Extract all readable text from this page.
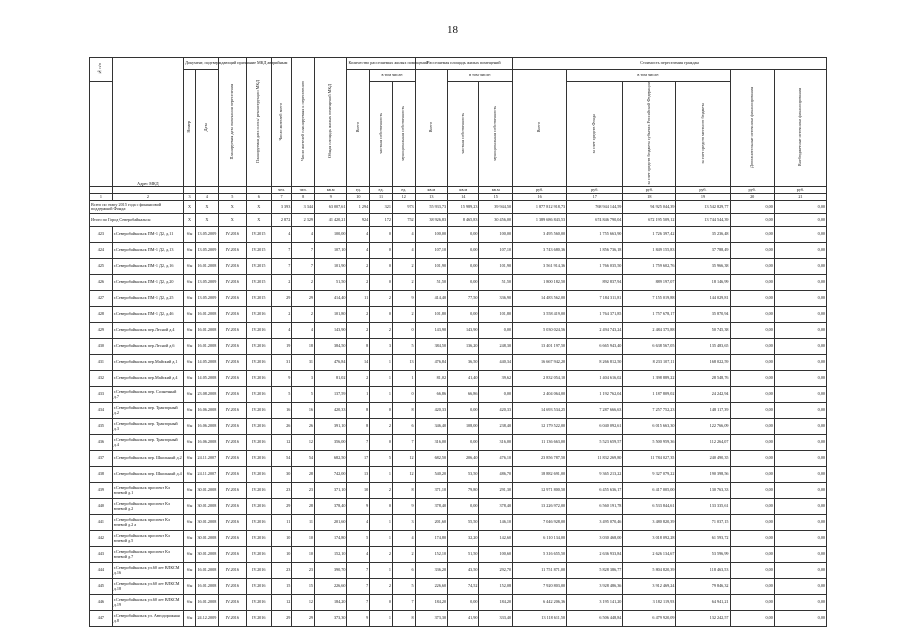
18
№ п/п	Адрес МКД	Документ, подтверждающий признание МКД аварийным		Планируемая дата окончания переселения	Планируемая дата сноса/ реконструкции МКД	Число жителей всего	Число жителей планируемых к переселению	Общая площадь жилых помещений МКД	Количество расселяемых жилых помещений			Расселяемая площадь жилых помещений			Стоимость переселения граждан					
		Номер	Дата						Всего	в том числе:		Всего	в том числе:		Всего	в том числе:			Дополнительные источники финансирования	Внебюджетные источники финансирования
										частная собственность	муниципальная собственность		частная собственность	муниципальная собственность		за счет средств Фонда	за счет средств бюджета субъекта Российской Федерации	за счет средств местного бюджета		
						чел.	чел.	кв.м	ед.	ед.	ед.	кв.м	кв.м	кв.м	руб.	руб.	руб.	руб.	руб.	руб.
1	2	3	4	5	6	7	8	9	10	11	12	13	14	15	16	17	18	19	20	21
Всего по этапу 2015 года с финансовой поддержкой Фонда:		X	X	X	X	3 393	3 344	63 007,61	1 294	321	973	55 933,73	15 989,23	39 944,50	1 877 812 918,73	768 944 144,59	94 925 044,39	13 542 829,77	0,00	0,00
Итого по Город Северобайкальск:		X	X	X	X	2 872	2 329	41 420,21	924	172	752	38 926,83	8 465,83	30 456,00	1 389 686 843,53	674 846 790,04	672 195 509,12	13 744 544,39	0,00	0,00
423	г.Северобайкальск ПМ-1 Д2, д.11	б/н	13.05.2009	IV.2016	IV.2015	4	4	100,00	4	0	4	100,00	0,00	100,00	3 495 560,00	1 755 663,90	1 726 397,42	35 236,48	0,00	0,00
424	г.Северобайкальск ПМ-1 Д2, д.13	б/н	13.05.2009	IV.2016	IV.2015	7	7	107,10	4	0	4	107,10	0,00	107,10	3 743 680,36	1 856 736,18	1 849 155,83	37 788,49	0,00	0,00
425	г.Северобайкальск ПМ-1 Д2, д.16	б/н	16.01.2008	IV.2016	IV.2015	7	7	101,90	2	0	2	101,90	0,00	101,90	3 561 914,36	1 766 035,50	1 759 602,76	35 966,38	0,00	0,00
426	г.Северобайкальск ПМ-1 Д2, д.20	б/н	13.05.2009	IV.2016	IV.2015	2	2	51,50	2	0	2	51,50	0,00	51,50	1 800 182,50	892 837,94	889 197,07	18 146,99	0,00	0,00
427	г.Северобайкальск ПМ-1 Д2, д.25	б/н	13.05.2009	IV.2016	IV.2015	29	29	414,40	11	2	9	414,40	77,50	336,90	14 483 562,00	7 184 311,81	7 155 019,88	144 029,81	0,00	0,00
428	г.Северобайкальск ПМ-1 Д2, д.46	б/н	16.01.2008	IV.2016	IV.2016	2	2	101,80	2	0	2	101,80	0,00	101,80	3 558 419,00	1 764 371,85	1 757 678,17	35 870,94	0,00	0,00
429	г.Северобайкальск пер.Лесной д.4	б/н	16.01.2008	IV.2016	IV.2016	4	4	143,90	2	2	0	143,90	143,90	0,00	5 030 024,56	2 494 743,24	2 484 375,88	50 745,38	0,00	0,00
430	г.Северобайкальск пер.Лесной д.6	б/н	16.01.2008	IV.2016	IV.2016	19	18	384,50	8	3	5	384,50	136,20	248,30	13 401 197,50	6 665 943,40	6 638 567,05	135 483,65	0,00	0,00
431	г.Северобайкальск пер.Майский д.1	б/н	14.05.2008	IV.2016	IV.2016	31	31	476,84	14	1	13	476,84	36,50	440,34	16 667 942,20	8 266 812,50	8 233 107,11	168 022,59	0,00	0,00
432	г.Северобайкальск пер.Майский д.4	б/н	14.05.2008	IV.2016	IV.2016	9	3	81,02	2	1	1	81,02	41,40	39,62	2 832 054,10	1 404 616,02	1 398 889,22	28 548,76	0,00	0,00
433	г.Северобайкальск пер. Солнечный д.7	б/н	23.08.2008	IV.2016	IV.2016	5	5	137,59	1	1	0	66,86	66,86	0,00	2 404 064,00	1 192 762,04	1 187 809,02	24 242,94	0,00	0,00
434	г.Северобайкальск пер. Тракторный д.2	б/н	16.06.2008	IV.2016	IV.2016	16	16	420,33	8	0	8	420,33	0,00	420,33	14 693 534,25	7 287 666,63	7 257 752,23	148 117,39	0,00	0,00
435	г.Северобайкальск пер. Тракторный д.3	б/н	16.06.2008	IV.2016	IV.2016	26	26	391,10	8	2	6	346,40	108,00	238,40	12 179 522,00	6 040 092,61	6 015 663,30	122 766,09	0,00	0,00
436	г.Северобайкальск пер. Тракторный д.4	б/н	16.06.2008	IV.2016	IV.2016	12	12	356,00	7	0	7	316,00	0,00	316,00	11 136 663,00	5 523 659,57	5 500 959,36	112 264,07	0,00	0,00
437	г.Северобайкальск пер. Школьный д.2	б/н	24.11.2007	IV.2016	IV.2016	54	54	682,50	17	5	12	682,50	206,40	476,10	23 856 787,50	11 832 269,80	11 784 027,35	240 490,35	0,00	0,00
438	г.Северобайкальск пер. Школьный д.4	б/н	24.11.2007	IV.2016	IV.2016	30	28	742,00	13	1	12	540,20	53,50	486,70	18 882 691,00	9 365 213,22	9 327 079,22	190 398,56	0,00	0,00
439	г.Северобайкальск проспект Кл ючевой д.1	б/н	30.01.2008	IV.2016	IV.2016	23	23	371,10	10	2	8	371,10	79,80	291,30	12 971 800,50	6 455 636,17	6 417 005,00	130 763,33	0,00	0,00
440	г.Северобайкальск проспект Кл ючевой д.2	б/н	30.01.2008	IV.2016	IV.2016	29	28	378,40	9	0	9	378,40	0,00	378,40	13 226 972,00	6 560 191,78	6 533 844,61	133 335,61	0,00	0,00
441	г.Северобайкальск проспект Кл ючевой д.2 а	б/н	30.01.2008	IV.2016	IV.2016	11	11	201,60	4	1	3	201,60	55,50	146,10	7 046 928,00	3 495 070,46	3 480 820,39	71 037,15	0,00	0,00
442	г.Северобайкальск проспект Кл ючевой д.5	б/н	30.01.2008	IV.2016	IV.2016	10	10	174,80	5	1	4	174,80	32,20	142,60	6 110 134,00	3 030 468,00	3 018 092,28	61 593,72	0,00	0,00
443	г.Северобайкальск проспект Кл ючевой д.7	б/н	30.01.2008	IV.2016	IV.2016	10	10	152,10	4	2	2	152,10	51,50	100,60	5 316 655,50	2 636 933,84	2 626 134,67	53 596,99	0,00	0,00
444	г.Северобайкальск ул.60 лет ВЛКСМ д.16	б/н	16.01.2008	IV.2016	IV.2016	23	23	390,70	7	1	6	336,20	43,50	292,70	11 751 871,00	5 828 386,77	5 804 820,39	118 463,53	0,00	0,00
445	г.Северобайкальск ул.60 лет ВЛКСМ д.18	б/н	16.01.2008	IV.2016	IV.2016	15	15	226,60	7	2	5	226,60	74,52	152,08	7 920 803,00	3 928 486,36	3 912 469,24	79 846,32	0,00	0,00
446	г.Северобайкальск ул.60 лет ВЛКСМ д.19	б/н	16.01.2008	IV.2016	IV.2016	12	12	184,20	7	0	7	184,20	0,00	184,20	6 442 206,36	3 195 141,20	3 182 119,93	64 941,21	0,00	0,00
447	г.Северобайкальск ул. Автодорожная д.8	б/н	24.12.2009	IV.2016	IV.2016	29	29	373,30	9	1	8	373,30	41,90	333,40	13 118 611,50	6 506 448,84	6 479 920,09	132 242,57	0,00	0,00
